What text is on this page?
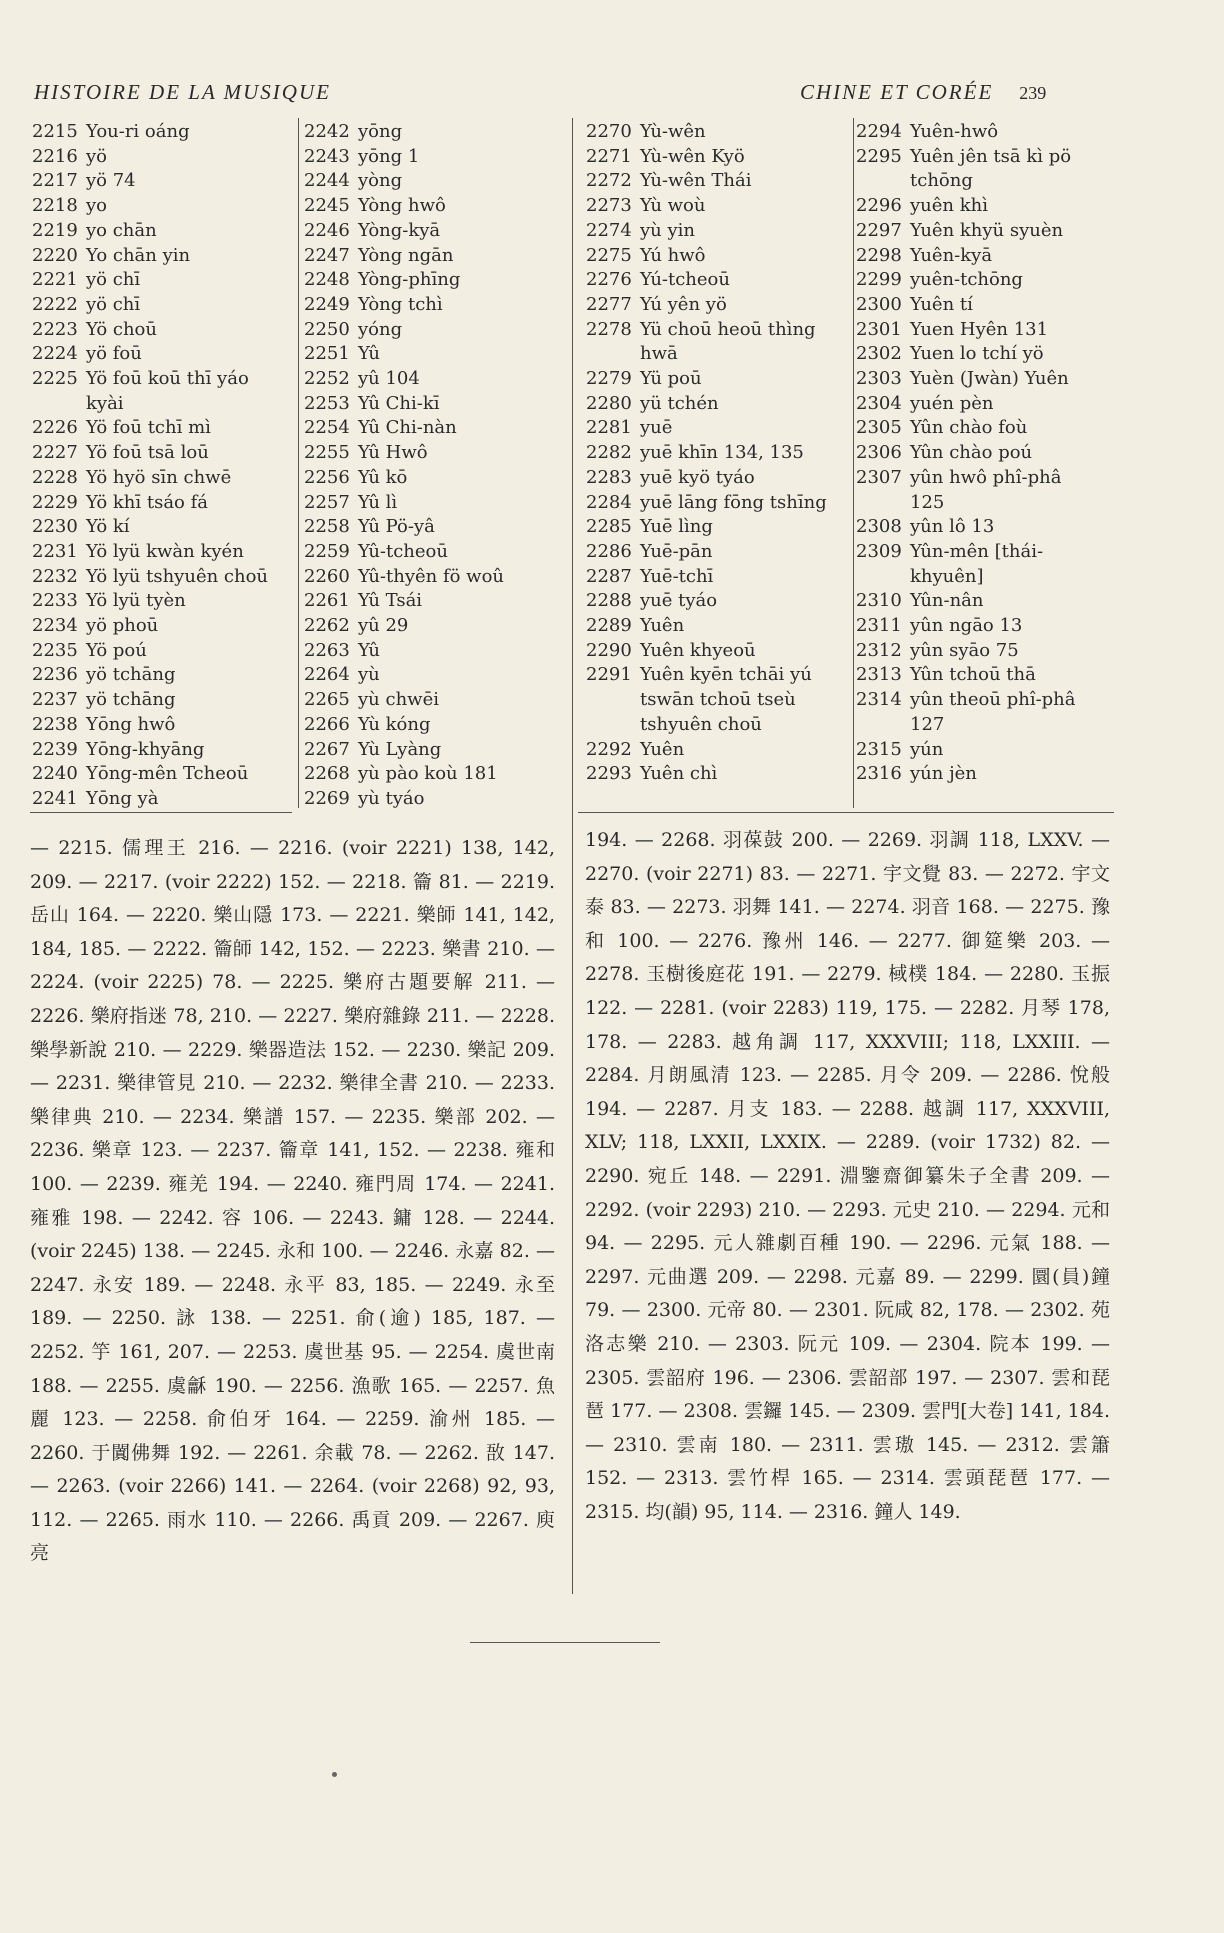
HISTOIRE DE LA MUSIQUE	CHINE ET CORÉE 239
2215 You-ri oáng
2216 yö
2217 yö 74
2218 yo
2219 yo chān
2220 Yo chān yin
2221 yö chī
2222 yö chī
2223 Yö choū
2224 yö foū
2225 Yö foū koū thī yáo
kyài
2226 Yö foū tchī mì
2227 Yö foū tsā loū
2228 Yö hyö sīn chwē
2229 Yö khī tsáo fá
2230 Yö kí
2231 Yö lyü kwàn kyén
2232 Yö lyü tshyuên choū
2233 Yö lyü tyèn
2234 yö phoū
2235 Yö poú
2236 yö tchāng
2237 yö tchāng
2238 Yōng hwô
2239 Yōng-khyāng
2240 Yōng-mên Tcheoū
2241 Yōng yà
2242 yōng
2243 yōng 1
2244 yòng
2245 Yòng hwô
2246 Yòng-kyā
2247 Yòng ngān
2248 Yòng-phīng
2249 Yòng tchì
2250 yóng
2251 Yû
2252 yû 104
2253 Yû Chi-kī
2254 Yû Chi-nàn
2255 Yû Hwô
2256 Yû kō
2257 Yû lì
2258 Yû Pö-yâ
2259 Yû-tcheoū
2260 Yû-thyên fö woû
2261 Yû Tsái
2262 yû 29
2263 Yû
2264 yù
2265 yù chwēi
2266 Yù kóng
2267 Yù Lyàng
2268 yù pào koù 181
2269 yù tyáo
2270 Yù-wên
2271 Yù-wên Kyö
2272 Yù-wên Thái
2273 Yù woù
2274 yù yin
2275 Yú hwô
2276 Yú-tcheoū
2277 Yú yên yö
2278 Yü choū heoū thìng
hwā
2279 Yü poū
2280 yü tchén
2281 yuē
2282 yuē khīn 134, 135
2283 yuē kyö tyáo
2284 yuē lāng fōng tshīng
2285 Yuē lìng
2286 Yuē-pān
2287 Yuē-tchī
2288 yuē tyáo
2289 Yuên
2290 Yuên khyeoū
2291 Yuên kyēn tchāi yú
tswān tchoū tseù
tshyuên choū
2292 Yuên
2293 Yuên chì
2294 Yuên-hwô
2295 Yuên jên tsā kì pö
tchōng
2296 yuên khì
2297 Yuên khyü syuèn
2298 Yuên-kyā
2299 yuên-tchōng
2300 Yuên tí
2301 Yuen Hyên 131
2302 Yuen lo tchí yö
2303 Yuèn (Jwàn) Yuên
2304 yuén pèn
2305 Yûn chào foù
2306 Yûn chào poú
2307 yûn hwô phî-phâ
125
2308 yûn lô 13
2309 Yûn-mên [thái-
khyuên]
2310 Yûn-nân
2311 yûn ngāo 13
2312 yûn syāo 75
2313 Yûn tchoū thā
2314 yûn theoū phî-phâ
127
2315 yún
2316 yún jèn
— 2215. 儒理王 216. — 2216. (voir 2221) 138, 142, 209. — 2217. (voir 2222) 152. — 2218. 籥 81. — 2219. 岳山 164. — 2220. 樂山隱 173. — 2221. 樂師 141, 142, 184, 185. — 2222. 籥師 142, 152. — 2223. 樂書 210. — 2224. (voir 2225) 78. — 2225. 樂府古題要解 211. — 2226. 樂府指迷 78, 210. — 2227. 樂府雜錄 211. — 2228. 樂學新說 210. — 2229. 樂器造法 152. — 2230. 樂記 209. — 2231. 樂律管見 210. — 2232. 樂律全書 210. — 2233. 樂律典 210. — 2234. 樂譜 157. — 2235. 樂部 202. — 2236. 樂章 123. — 2237. 籥章 141, 152. — 2238. 雍和 100. — 2239. 雍羌 194. — 2240. 雍門周 174. — 2241. 雍雅 198. — 2242. 容 106. — 2243. 鏞 128. — 2244. (voir 2245) 138. — 2245. 永和 100. — 2246. 永嘉 82. — 2247. 永安 189. — 2248. 永平 83, 185. — 2249. 永至 189. — 2250. 詠 138. — 2251. 俞(逾) 185, 187. — 2252. 竽 161, 207. — 2253. 虞世基 95. — 2254. 虞世南 188. — 2255. 虞龢 190. — 2256. 漁歌 165. — 2257. 魚麗 123. — 2258. 俞伯牙 164. — 2259. 渝州 185. — 2260. 于闐佛舞 192. — 2261. 余載 78. — 2262. 敔 147. — 2263. (voir 2266) 141. — 2264. (voir 2268) 92, 93, 112. — 2265. 雨水 110. — 2266. 禹貢 209. — 2267. 庾亮
194. — 2268. 羽葆鼓 200. — 2269. 羽調 118, LXXV. — 2270. (voir 2271) 83. — 2271. 宇文覺 83. — 2272. 宇文泰 83. — 2273. 羽舞 141. — 2274. 羽音 168. — 2275. 豫和 100. — 2276. 豫州 146. — 2277. 御筵樂 203. — 2278. 玉樹後庭花 191. — 2279. 棫樸 184. — 2280. 玉振 122. — 2281. (voir 2283) 119, 175. — 2282. 月琴 178, 178. — 2283. 越角調 117, XXXVIII; 118, LXXIII. — 2284. 月朗風清 123. — 2285. 月令 209. — 2286. 悅般 194. — 2287. 月支 183. — 2288. 越調 117, XXXVIII, XLV; 118, LXXII, LXXIX. — 2289. (voir 1732) 82. — 2290. 宛丘 148. — 2291. 淵鑒齋御纂朱子全書 209. — 2292. (voir 2293) 210. — 2293. 元史 210. — 2294. 元和 94. — 2295. 元人雜劇百種 190. — 2296. 元氣 188. — 2297. 元曲選 209. — 2298. 元嘉 89. — 2299. 圜(員)鐘 79. — 2300. 元帝 80. — 2301. 阮咸 82, 178. — 2302. 苑洛志樂 210. — 2303. 阮元 109. — 2304. 院本 199. — 2305. 雲韶府 196. — 2306. 雲韶部 197. — 2307. 雲和琵琶 177. — 2308. 雲鑼 145. — 2309. 雲門[大卷] 141, 184. — 2310. 雲南 180. — 2311. 雲璈 145. — 2312. 雲簫 152. — 2313. 雲竹桿 165. — 2314. 雲頭琵琶 177. — 2315. 均(韻) 95, 114. — 2316. 鐘人 149.
